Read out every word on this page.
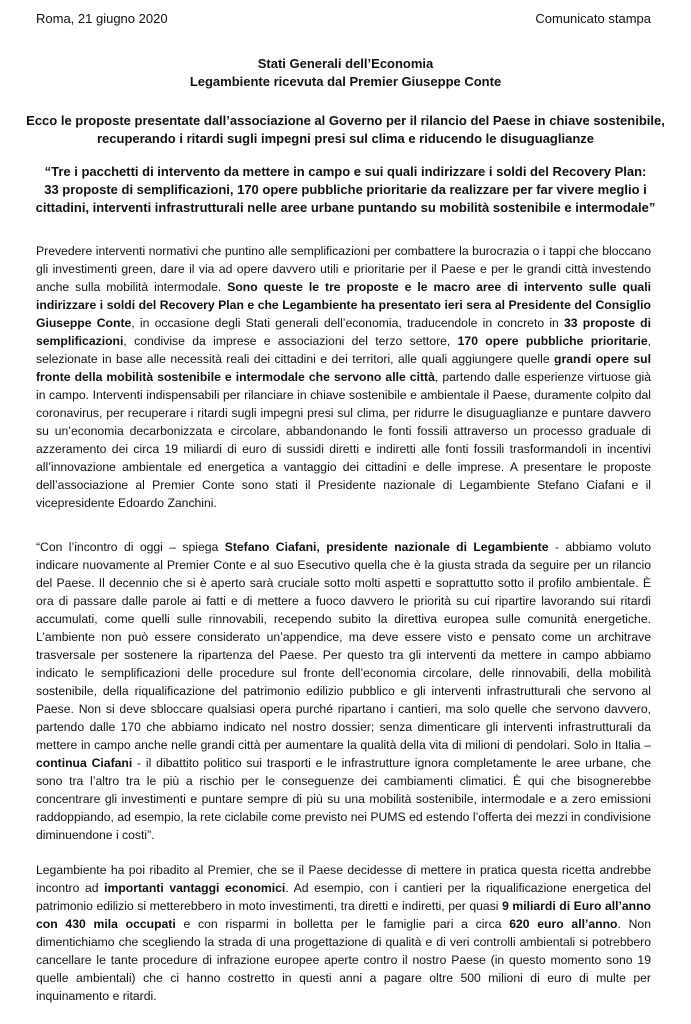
Roma, 21 giugno 2020	Comunicato stampa
Stati Generali dell’Economia
Legambiente ricevuta dal Premier Giuseppe Conte
Ecco le proposte presentate dall’associazione al Governo per il rilancio del Paese in chiave sostenibile,
recuperando i ritardi sugli impegni presi sul clima e riducendo le disuguaglianze
“Tre i pacchetti di intervento da mettere in campo e sui quali indirizzare i soldi del Recovery Plan:
33 proposte di semplificazioni, 170 opere pubbliche prioritarie da realizzare per far vivere meglio i
cittadini, interventi infrastrutturali nelle aree urbane puntando su mobilità sostenibile e intermodale”

Prevedere interventi normativi che puntino alle semplificazioni per combattere la burocrazia o i tappi che bloccano gli investimenti green, dare il via ad opere davvero utili e prioritarie per il Paese e per le grandi città investendo anche sulla mobilità intermodale. Sono queste le tre proposte e le macro aree di intervento sulle quali indirizzare i soldi del Recovery Plan e che Legambiente ha presentato ieri sera al Presidente del Consiglio Giuseppe Conte, in occasione degli Stati generali dell’economia, traducendole in concreto in 33 proposte di semplificazioni, condivise da imprese e associazioni del terzo settore, 170 opere pubbliche prioritarie, selezionate in base alle necessità reali dei cittadini e dei territori, alle quali aggiungere quelle grandi opere sul fronte della mobilità sostenibile e intermodale che servono alle città, partendo dalle esperienze virtuose già in campo. Interventi indispensabili per rilanciare in chiave sostenibile e ambientale il Paese, duramente colpito dal coronavirus, per recuperare i ritardi sugli impegni presi sul clima, per ridurre le disuguaglianze e puntare davvero su un’economia decarbonizzata e circolare, abbandonando le fonti fossili attraverso un processo graduale di azzeramento dei circa 19 miliardi di euro di sussidi diretti e indiretti alle fonti fossili trasformandoli in incentivi all’innovazione ambientale ed energetica a vantaggio dei cittadini e delle imprese. A presentare le proposte dell’associazione al Premier Conte sono stati il Presidente nazionale di Legambiente Stefano Ciafani e il vicepresidente Edoardo Zanchini.

“Con l’incontro di oggi – spiega Stefano Ciafani, presidente nazionale di Legambiente - abbiamo voluto indicare nuovamente al Premier Conte e al suo Esecutivo quella che è la giusta strada da seguire per un rilancio del Paese. Il decennio che si è aperto sarà cruciale sotto molti aspetti e soprattutto sotto il profilo ambientale. È ora di passare dalle parole ai fatti e di mettere a fuoco davvero le priorità su cui ripartire lavorando sui ritardi accumulati, come quelli sulle rinnovabili, recependo subito la direttiva europea sulle comunità energetiche. L’ambiente non può essere considerato un’appendice, ma deve essere visto e pensato come un architrave trasversale per sostenere la ripartenza del Paese. Per questo tra gli interventi da mettere in campo abbiamo indicato le semplificazioni delle procedure sul fronte dell’economia circolare, delle rinnovabili, della mobilità sostenibile, della riqualificazione del patrimonio edilizio pubblico e gli interventi infrastrutturali che servono al Paese. Non si deve sbloccare qualsiasi opera purché ripartano i cantieri, ma solo quelle che servono davvero, partendo dalle 170 che abbiamo indicato nel nostro dossier; senza dimenticare gli interventi infrastrutturali da mettere in campo anche nelle grandi città per aumentare la qualità della vita di milioni di pendolari. Solo in Italia – continua Ciafani - il dibattito politico sui trasporti e le infrastrutture ignora completamente le aree urbane, che sono tra l’altro tra le più a rischio per le conseguenze dei cambiamenti climatici. È qui che bisognerebbe concentrare gli investimenti e puntare sempre di più su una mobilità sostenibile, intermodale e a zero emissioni raddoppiando, ad esempio, la rete ciclabile come previsto nei PUMS ed estendo l’offerta dei mezzi in condivisione diminuendone i costi”.

Legambiente ha poi ribadito al Premier, che se il Paese decidesse di mettere in pratica questa ricetta andrebbe incontro ad importanti vantaggi economici. Ad esempio, con i cantieri per la riqualificazione energetica del patrimonio edilizio si metterebbero in moto investimenti, tra diretti e indiretti, per quasi 9 miliardi di Euro all’anno con 430 mila occupati e con risparmi in bolletta per le famiglie pari a circa 620 euro all’anno. Non dimentichiamo che scegliendo la strada di una progettazione di qualità e di veri controlli ambientali si potrebbero cancellare le tante procedure di infrazione europee aperte contro il nostro Paese (in questo momento sono 19 quelle ambientali) che ci hanno costretto in questi anni a pagare oltre 500 milioni di euro di multe per inquinamento e ritardi.
